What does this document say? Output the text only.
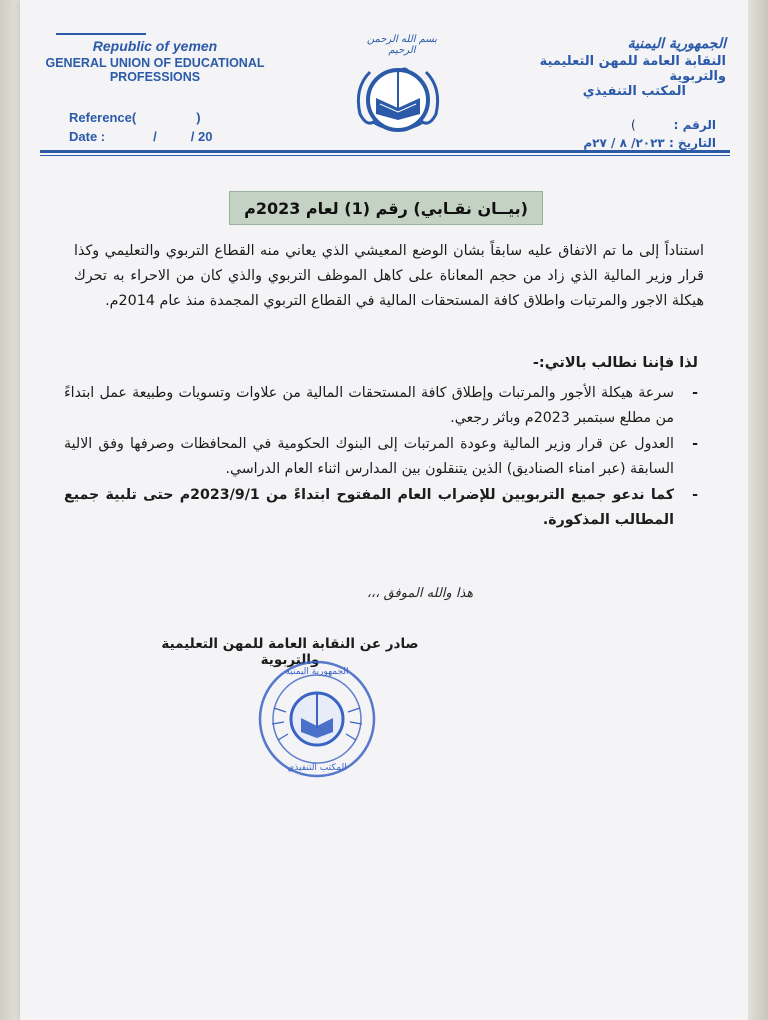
Republic of yemen
GENERAL UNION OF EDUCATIONAL
PROFESSIONS
Reference(	)
Date :	/	/ 20
بسم الله الرحمن الرحيم	الجمهورية اليمنية
النقابة العامة للمهن التعليمية والتربوية
المكتب التنفيذي
الرقم :)
التاريخ : ٢٠٢٣/ ٨ / ٢٧م
(بيــان نقـابي) رقم (1) لعام 2023م
استناداً إلى ما تم الاتفاق عليه سابقاً بشان الوضع المعيشي الذي يعاني منه القطاع التربوي والتعليمي وكذا قرار وزير المالية الذي زاد من حجم المعاناة على كاهل الموظف التربوي والذي كان من الاحراء به تحرك هيكلة الاجور والمرتبات واطلاق كافة المستحقات المالية في القطاع التربوي المجمدة منذ عام 2014م.
لذا فإننا نطالب بالاتي:-
-
سرعة هيكلة الأجور والمرتبات وإطلاق كافة المستحقات المالية من علاوات وتسويات وطبيعة عمل ابتداءً من مطلع سبتمبر 2023م وباثر رجعي.
-
العدول عن قرار وزير المالية وعودة المرتبات إلى البنوك الحكومية في المحافظات وصرفها وفق الالية السابقة (عبر امناء الصناديق) الذين يتنقلون بين المدارس اثناء العام الدراسي.
-
كما ندعو جميع التربويين للإضراب العام المفتوح ابتداءً من 2023/9/1م حتى تلبية جميع المطالب المذكورة.
هذا والله الموفق ،،،
صادر عن النقابة العامة للمهن التعليمية والتربوية
الجمهورية اليمنية
المكتب التنفيذي
